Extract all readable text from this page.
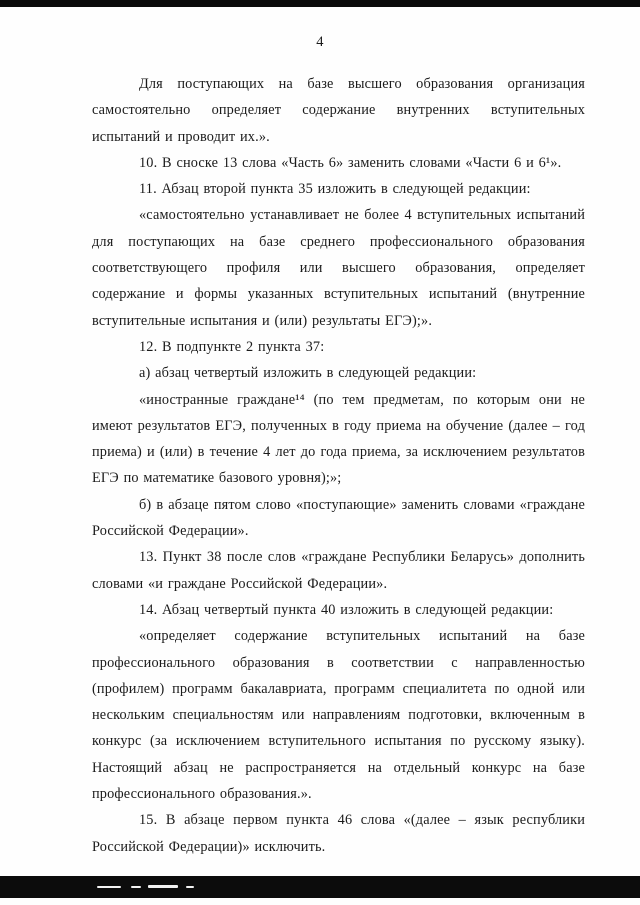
4

Для поступающих на базе высшего образования организация самостоятельно определяет содержание внутренних вступительных испытаний и проводит их.».

10. В сноске 13 слова «Часть 6» заменить словами «Части 6 и 6¹».

11. Абзац второй пункта 35 изложить в следующей редакции:

«самостоятельно устанавливает не более 4 вступительных испытаний для поступающих на базе среднего профессионального образования соответствующего профиля или высшего образования, определяет содержание и формы указанных вступительных испытаний (внутренние вступительные испытания и (или) результаты ЕГЭ);».

12. В подпункте 2 пункта 37:

а) абзац четвертый изложить в следующей редакции:

«иностранные граждане¹⁴ (по тем предметам, по которым они не имеют результатов ЕГЭ, полученных в году приема на обучение (далее – год приема) и (или) в течение 4 лет до года приема, за исключением результатов ЕГЭ по математике базового уровня);»;

б) в абзаце пятом слово «поступающие» заменить словами «граждане Российской Федерации».

13. Пункт 38 после слов «граждане Республики Беларусь» дополнить словами «и граждане Российской Федерации».

14. Абзац четвертый пункта 40 изложить в следующей редакции:

«определяет содержание вступительных испытаний на базе профессионального образования в соответствии с направленностью (профилем) программ бакалавриата, программ специалитета по одной или нескольким специальностям или направлениям подготовки, включенным в конкурс (за исключением вступительного испытания по русскому языку). Настоящий абзац не распространяется на отдельный конкурс на базе профессионального образования.».

15. В абзаце первом пункта 46 слова «(далее – язык республики Российской Федерации)» исключить.
